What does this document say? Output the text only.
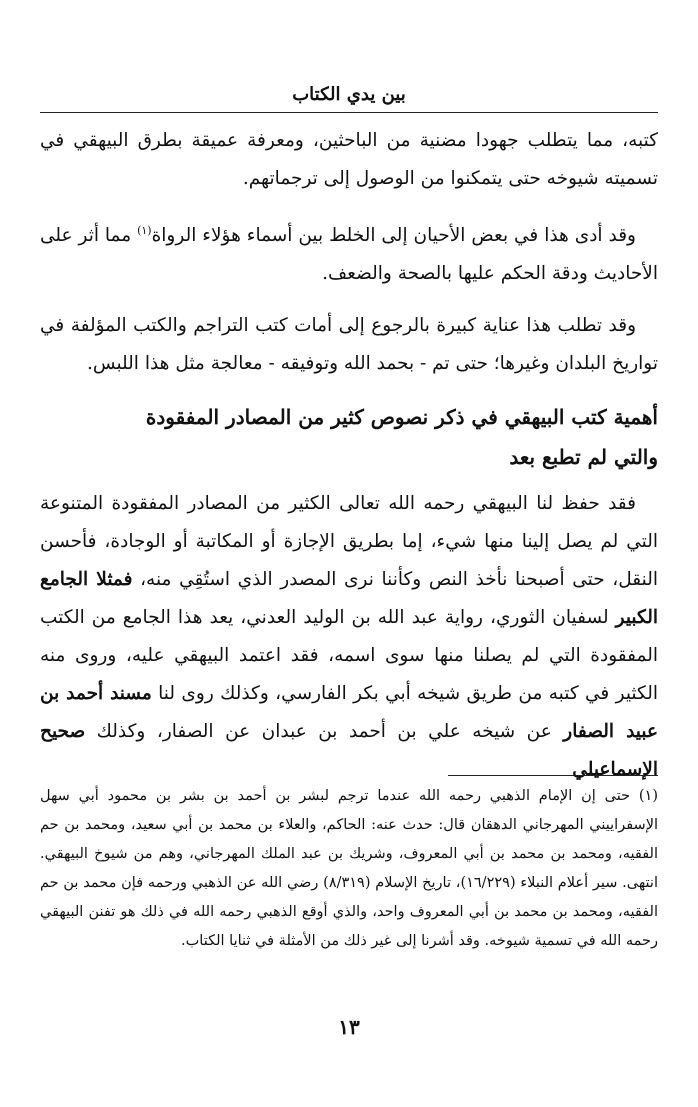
بين يدي الكتاب

كتبه، مما يتطلب جهودا مضنية من الباحثين، ومعرفة عميقة بطرق البيهقي في تسميته شيوخه حتى يتمكنوا من الوصول إلى ترجماتهم.

وقد أدى هذا في بعض الأحيان إلى الخلط بين أسماء هؤلاء الرواة$^{(١)}$ مما أثر على الأحاديث ودقة الحكم عليها بالصحة والضعف.

وقد تطلب هذا عناية كبيرة بالرجوع إلى أمات كتب التراجم والكتب المؤلفة في تواريخ البلدان وغيرها؛ حتى تم - بحمد الله وتوفيقه - معالجة مثل هذا اللبس.

أهمية كتب البيهقي في ذكر نصوص كثير من المصادر المفقودة
والتي لم تطبع بعد

فقد حفظ لنا البيهقي رحمه الله تعالى الكثير من المصادر المفقودة المتنوعة التي لم يصل إلينا منها شيء، إما بطريق الإجازة أو المكاتبة أو الوجادة، فأحسن النقل، حتى أصبحنا نأخذ النص وكأننا نرى المصدر الذي استُقِي منه، فمثلا الجامع الكبير لسفيان الثوري، رواية عبد الله بن الوليد العدني، يعد هذا الجامع من الكتب المفقودة التي لم يصلنا منها سوى اسمه، فقد اعتمد البيهقي عليه، وروى منه الكثير في كتبه من طريق شيخه أبي بكر الفارسي، وكذلك روى لنا مسند أحمد بن عبيد الصفار عن شيخه علي بن أحمد بن عبدان عن الصفار، وكذلك صحيح الإسماعيلي

(١) حتى إن الإمام الذهبي رحمه الله عندما ترجم لبشر بن أحمد بن بشر بن محمود أبي سهل الإسفراييني المهرجاني الدهقان قال: حدث عنه: الحاكم، والعلاء بن محمد بن أبي سعيد، ومحمد بن حم الفقيه، ومحمد بن محمد بن أبي المعروف، وشريك بن عبد الملك المهرجاني، وهم من شيوخ البيهقي. انتهى. سير أعلام النبلاء (١٦/٢٢٩)، تاريخ الإسلام (٨/٣١٩) رضي الله عن الذهبي ورحمه فإن محمد بن حم الفقيه، ومحمد بن محمد بن أبي المعروف واحد، والذي أوقع الذهبي رحمه الله في ذلك هو تفنن البيهقي رحمه الله في تسمية شيوخه. وقد أشرنا إلى غير ذلك من الأمثلة في ثنايا الكتاب.

١٣
